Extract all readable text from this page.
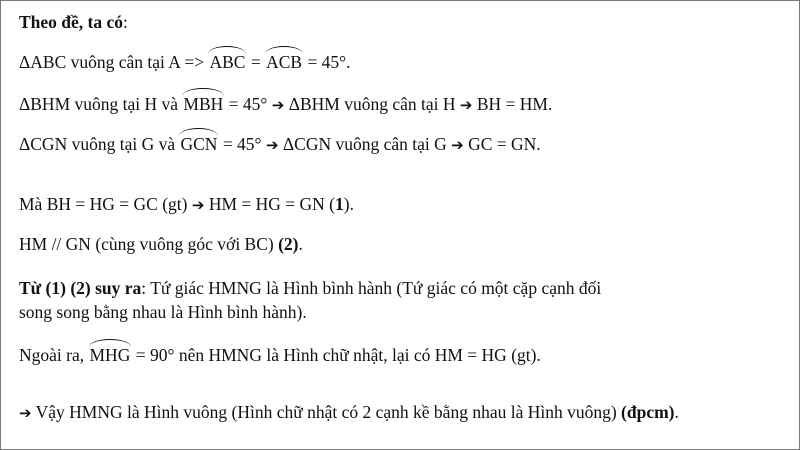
Theo đề, ta có:
ΔABC vuông cân tại A => ABC = ACB = 45°.
ΔBHM vuông tại H và MBH = 45° ➔ ΔBHM vuông cân tại H ➔ BH = HM.
ΔCGN vuông tại G và GCN = 45° ➔ ΔCGN vuông cân tại G ➔ GC = GN.
Mà BH = HG = GC (gt) ➔ HM = HG = GN (1).
HM // GN (cùng vuông góc với BC) (2).
Từ (1) (2) suy ra: Tứ giác HMNG là Hình bình hành (Tứ giác có một cặp cạnh đối
song song bằng nhau là Hình bình hành).
Ngoài ra, MHG = 90° nên HMNG là Hình chữ nhật, lại có HM = HG (gt).
➔ Vậy HMNG là Hình vuông (Hình chữ nhật có 2 cạnh kề bằng nhau là Hình vuông) (đpcm).
